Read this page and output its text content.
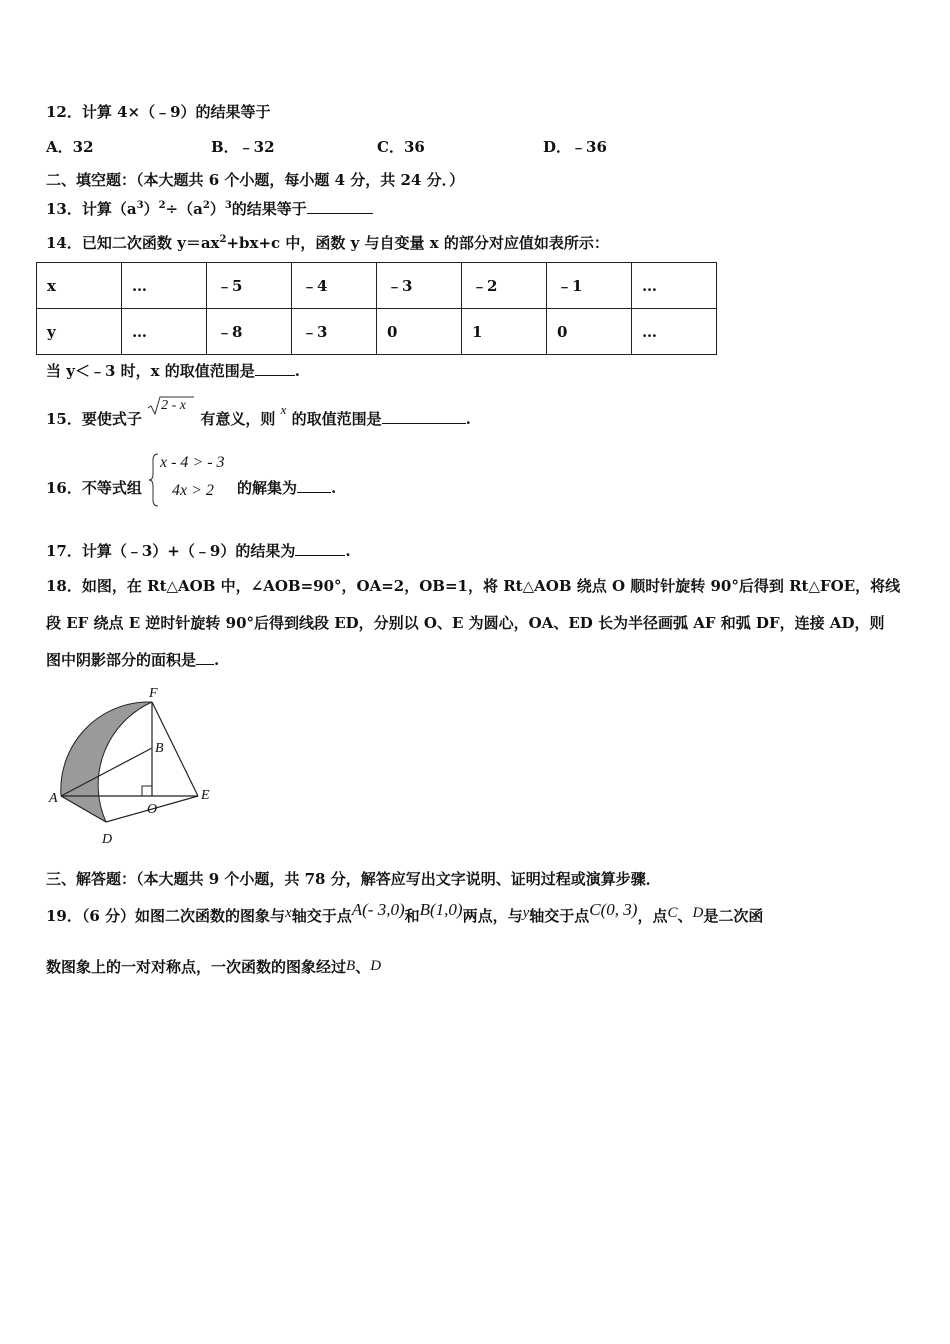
12．计算 4×（﹣9）的结果等于
A．32	B．﹣32	C．36	D．﹣36
二、填空题：（本大题共 6 个小题，每小题 4 分，共 24 分．）
13．计算$(a^3)^2\div(a^2)^3$的结果等于
14．已知二次函数 $y=ax^2+bx+c$ 中，函数 y 与自变量 x 的部分对应值如表所示：
x	…	﹣5	﹣4	﹣3	﹣2	﹣1	…
y	…	﹣8	﹣3	0	1	0	…
当 y＜﹣3 时，x 的取值范围是	.
15．要使式子
2 - x
有意义，则 x 的取值范围是	.
16．不等式组
x - 4 > - 3
4x > 2 的解集为 .
17．计算（﹣3）+（﹣9）的结果为	.
18．如图，在 Rt△AOB 中，∠AOB=90°，OA=2，OB=1，将 Rt△AOB 绕点 O 顺时针旋转 90°后得到 Rt△FOE，将线
段 EF 绕点 E 逆时针旋转 90°后得到线段 ED，分别以 O、E 为圆心，OA、ED 长为半径画弧 AF 和弧 DF，连接 AD，则
图中阴影部分的面积是 .
F
B
A
O
E
D
三、解答题：（本大题共 9 个小题，共 78 分，解答应写出文字说明、证明过程或演算步骤．
19．（6 分）如图二次函数的图象与x轴交于点A(- 3,0)和B(1,0)两点，与y轴交于点C(0, 3)，点C、D是二次函
数图象上的一对对称点，一次函数的图象经过B、D
